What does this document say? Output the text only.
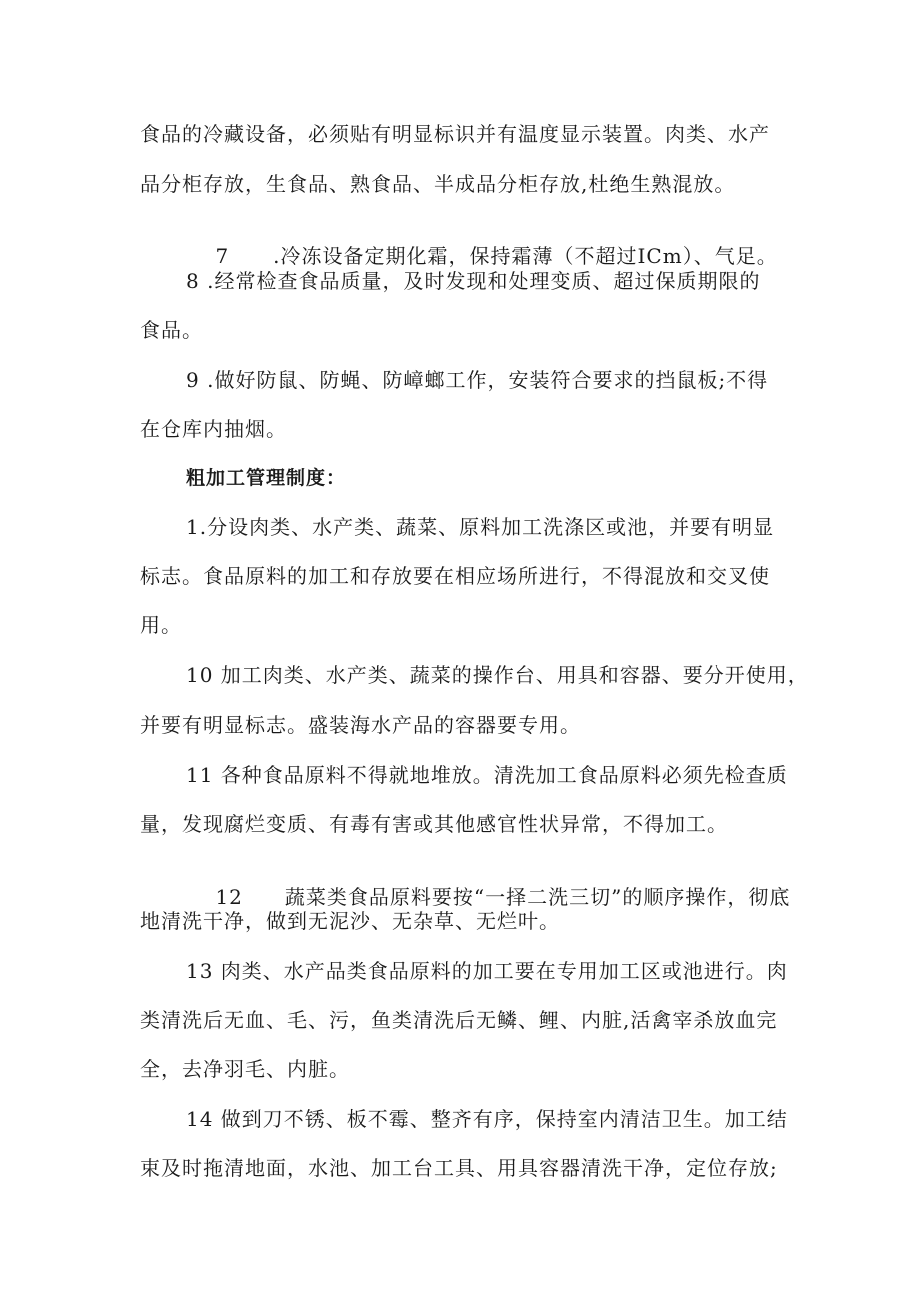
食品的冷藏设备，必须贴有明显标识并有温度显示装置。肉类、水产
品分柜存放，生食品、熟食品、半成品分柜存放,杜绝生熟混放。

7 .冷冻设备定期化霜，保持霜薄（不超过ICm）、气足。

8 .经常检查食品质量，及时发现和处理变质、超过保质期限的
食品。
9 .做好防鼠、防蝇、防嶂螂工作，安装符合要求的挡鼠板;不得
在仓库内抽烟。
粗加工管理制度：
1.分设肉类、水产类、蔬菜、原料加工洗涤区或池，并要有明显
标志。食品原料的加工和存放要在相应场所进行，不得混放和交叉使
用。
10 加工肉类、水产类、蔬菜的操作台、用具和容器、要分开使用，
并要有明显标志。盛装海水产品的容器要专用。
11 各种食品原料不得就地堆放。清洗加工食品原料必须先检查质
量，发现腐烂变质、有毒有害或其他感官性状异常，不得加工。

12 蔬菜类食品原料要按“一择二洗三切”的顺序操作，彻底

地清洗干净，做到无泥沙、无杂草、无烂叶。
13 肉类、水产品类食品原料的加工要在专用加工区或池进行。肉
类清洗后无血、毛、污，鱼类清洗后无鳞、鲤、内脏,活禽宰杀放血完
全，去净羽毛、内脏。
14 做到刀不锈、板不霉、整齐有序，保持室内清洁卫生。加工结
束及时拖清地面，水池、加工台工具、用具容器清洗干净，定位存放;
